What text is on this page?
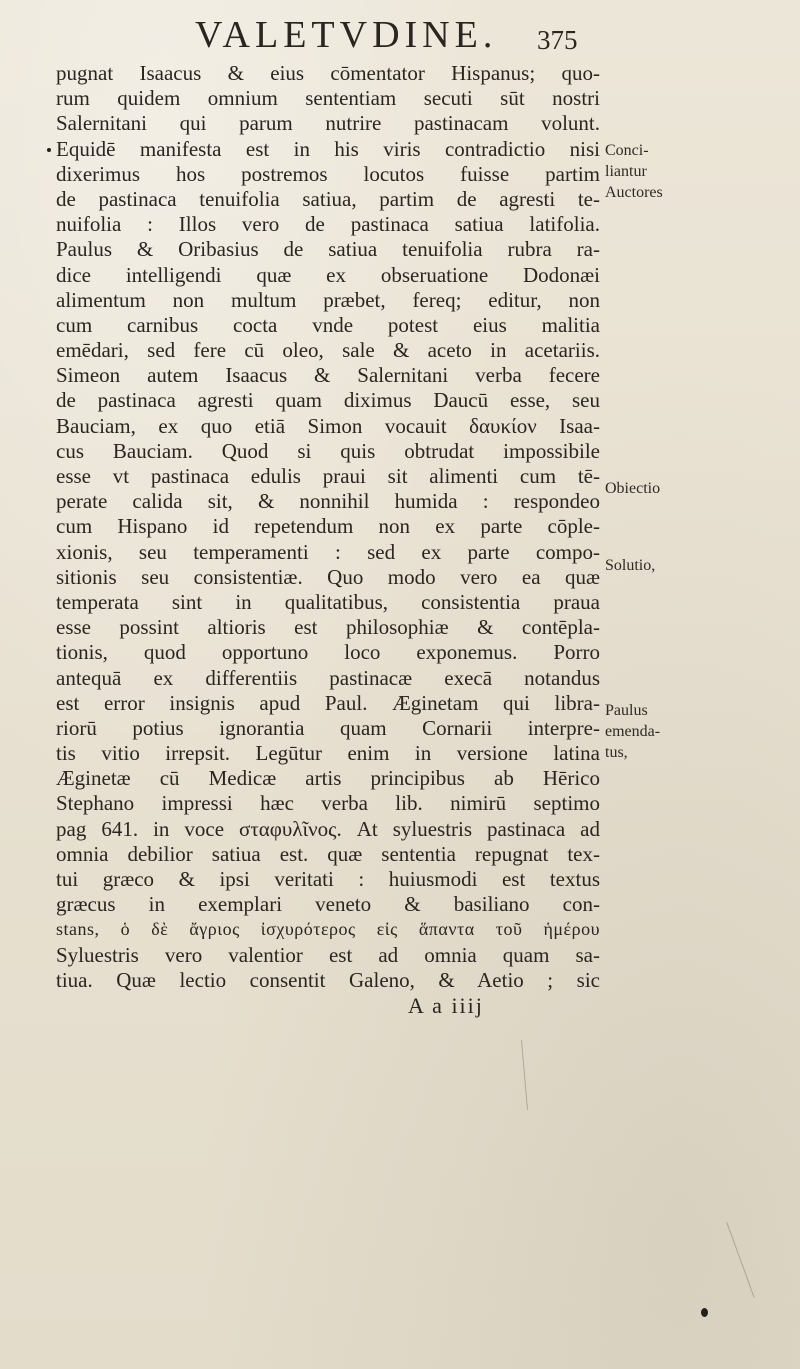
VALETVDINE. 375
pugnat Isaacus & eius cōmentator Hispanus; quo-
rum quidem omnium sententiam secuti sūt nostri
Salernitani qui parum nutrire pastinacam volunt.
Equidē manifesta est in his viris contradictio nisi
dixerimus hos postremos locutos fuisse partim
de pastinaca tenuifolia satiua, partim de agresti te-
nuifolia : Illos vero de pastinaca satiua latifolia.
Paulus & Oribasius de satiua tenuifolia rubra ra-
dice intelligendi quæ ex obseruatione Dodonæi
alimentum non multum præbet, fereq; editur, non
cum carnibus cocta vnde potest eius malitia
emēdari, sed fere cū oleo, sale & aceto in acetariis.
Simeon autem Isaacus & Salernitani verba fecere
de pastinaca agresti quam diximus Daucū esse, seu
Bauciam, ex quo etiā Simon vocauit δαυκίον Isaa-
cus Bauciam. Quod si quis obtrudat impossibile
esse vt pastinaca edulis praui sit alimenti cum tē-
perate calida sit, & nonnihil humida : respondeo
cum Hispano id repetendum non ex parte cōple-
xionis, seu temperamenti : sed ex parte compo-
sitionis seu consistentiæ. Quo modo vero ea quæ
temperata sint in qualitatibus, consistentia praua
esse possint altioris est philosophiæ & contēpla-
tionis, quod opportuno loco exponemus. Porro
antequā ex differentiis pastinacæ execā notandus
est error insignis apud Paul. Æginetam qui libra-
riorū potius ignorantia quam Cornarii interpre-
tis vitio irrepsit. Legūtur enim in versione latina
Æginetæ cū Medicæ artis principibus ab Hērico
Stephano impressi hæc verba lib. nimirū septimo
pag 641. in voce σταφυλῖνος. At syluestris pastinaca ad
omnia debilior satiua est. quæ sententia repugnat tex-
tui græco & ipsi veritati : huiusmodi est textus
græcus in exemplari veneto & basiliano con-
stans, ὁ δὲ ἄγριος ἰσχυρότερος εἰς ἅπαντα τοῦ ἡμέρου
Syluestris vero valentior est ad omnia quam sa-
tiua. Quæ lectio consentit Galeno, & Aetio ; sic
A a iiij
Conci-
liantur
Auctores
Obiectio
Solutio,
Paulus
emenda-
tus,
